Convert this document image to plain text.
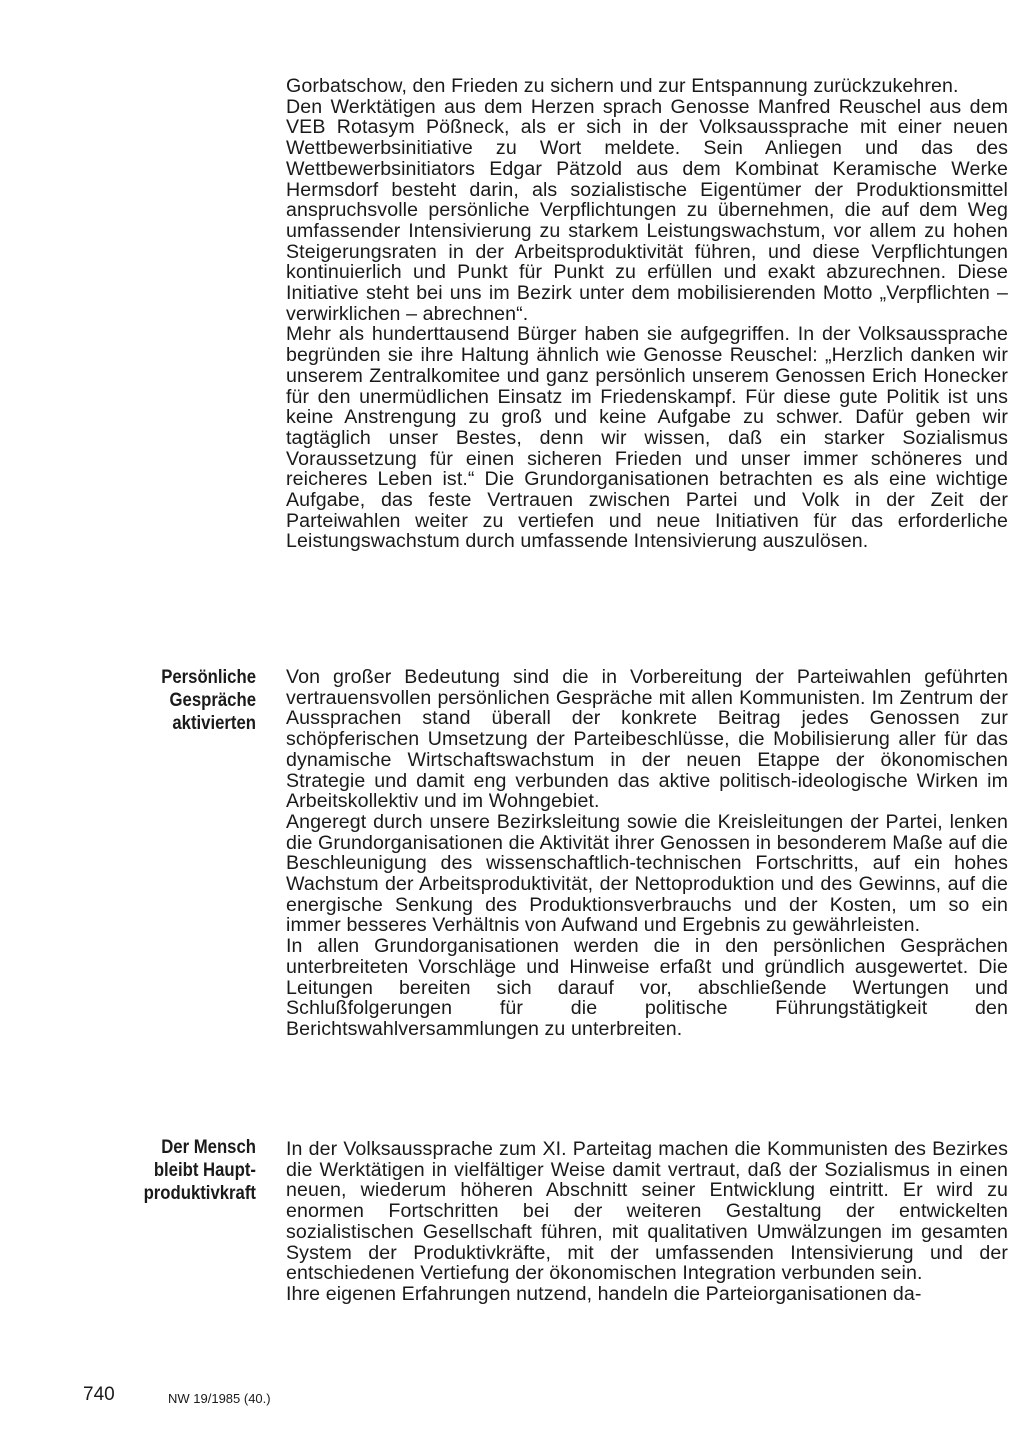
Gorbatschow, den Frieden zu sichern und zur Entspannung zurückzukehren.

Den Werktätigen aus dem Herzen sprach Genosse Manfred Reuschel aus dem VEB Rotasym Pößneck, als er sich in der Volksaussprache mit einer neuen Wettbewerbsinitiative zu Wort meldete. Sein Anliegen und das des Wettbewerbsinitiators Edgar Pätzold aus dem Kombinat Keramische Werke Hermsdorf besteht darin, als sozialistische Eigentümer der Produktionsmittel anspruchsvolle persönliche Verpflichtungen zu übernehmen, die auf dem Weg umfassender Intensivierung zu starkem Leistungswachstum, vor allem zu hohen Steigerungsraten in der Arbeitsproduktivität führen, und diese Verpflichtungen kontinuierlich und Punkt für Punkt zu erfüllen und exakt abzurechnen. Diese Initiative steht bei uns im Bezirk unter dem mobilisierenden Motto „Verpflichten – verwirklichen – abrechnen“.

Mehr als hunderttausend Bürger haben sie aufgegriffen. In der Volksaussprache begründen sie ihre Haltung ähnlich wie Genosse Reuschel: „Herzlich danken wir unserem Zentralkomitee und ganz persönlich unserem Genossen Erich Honecker für den unermüdlichen Einsatz im Friedenskampf. Für diese gute Politik ist uns keine Anstrengung zu groß und keine Aufgabe zu schwer. Dafür geben wir tagtäglich unser Bestes, denn wir wissen, daß ein starker Sozialismus Voraussetzung für einen sicheren Frieden und unser immer schöneres und reicheres Leben ist.“ Die Grundorganisationen betrachten es als eine wichtige Aufgabe, das feste Vertrauen zwischen Partei und Volk in der Zeit der Parteiwahlen weiter zu vertiefen und neue Initiativen für das erforderliche Leistungswachstum durch umfassende Intensivierung auszulösen.

Persönliche
Gespräche
aktivierten

Von großer Bedeutung sind die in Vorbereitung der Parteiwahlen geführten vertrauensvollen persönlichen Gespräche mit allen Kommunisten. Im Zentrum der Aussprachen stand überall der konkrete Beitrag jedes Genossen zur schöpferischen Umsetzung der Parteibeschlüsse, die Mobilisierung aller für das dynamische Wirtschaftswachstum in der neuen Etappe der ökonomischen Strategie und damit eng verbunden das aktive politisch-ideologische Wirken im Arbeitskollektiv und im Wohngebiet.

Angeregt durch unsere Bezirksleitung sowie die Kreisleitungen der Partei, lenken die Grundorganisationen die Aktivität ihrer Genossen in besonderem Maße auf die Beschleunigung des wissenschaftlich-technischen Fortschritts, auf ein hohes Wachstum der Arbeitsproduktivität, der Nettoproduktion und des Gewinns, auf die energische Senkung des Produktionsverbrauchs und der Kosten, um so ein immer besseres Verhältnis von Aufwand und Ergebnis zu gewährleisten.

In allen Grundorganisationen werden die in den persönlichen Gesprächen unterbreiteten Vorschläge und Hinweise erfaßt und gründlich ausgewertet. Die Leitungen bereiten sich darauf vor, abschließende Wertungen und Schlußfolgerungen für die politische Führungstätigkeit den Berichtswahlversammlungen zu unterbreiten.

Der Mensch
bleibt Haupt-
produktivkraft

In der Volksaussprache zum XI. Parteitag machen die Kommunisten des Bezirkes die Werktätigen in vielfältiger Weise damit vertraut, daß der Sozialismus in einen neuen, wiederum höheren Abschnitt seiner Entwicklung eintritt. Er wird zu enormen Fortschritten bei der weiteren Gestaltung der entwickelten sozialistischen Gesellschaft führen, mit qualitativen Umwälzungen im gesamten System der Produktivkräfte, mit der umfassenden Intensivierung und der entschiedenen Vertiefung der ökonomischen Integration verbunden sein.

Ihre eigenen Erfahrungen nutzend, handeln die Parteiorganisationen da-

740	NW 19/1985 (40.)
